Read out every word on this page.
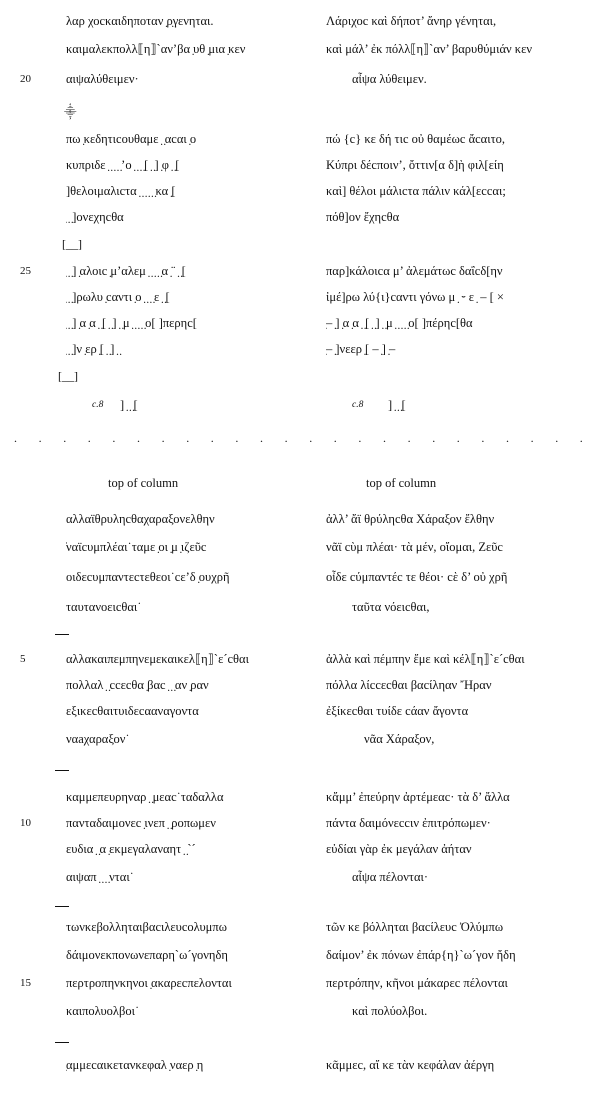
λαρ χοcκαιδηποταν ̣ρ̣γενηται.	Λάριχοc καὶ δήποτ’ ἄνηρ γένηται,
καιμαλεκπολλ⟦η⟧`αν’βα ̣υθ ̣μια ̣κεν	καὶ μάλ’ ἐκ πόλλ⟦η⟧`αν’ βαρυθύμιάν κεν
20	αιψαλύθειμεν·	αἶψα λύθειμεν.
⸎
πω ̣κεδητιcουθαμε ̣ ̣αcαι ̣ο	πώ {c} κε δή τιc οὐ θαμέωc ἄcαιτο,
κυπριδε ̣ ̣ ̣ ̣ ̣’ο ̣ ̣ ̣ ̣[ ̣ ̣] ̣φ ̣ ̣[	Κύπρι δέcποιν’, ὄττιν[α δ]ὴ φιλ[είη
]θελοιμαλιcτα ̣ ̣ ̣ ̣ ̣ ̣κα ̣[	καὶ] θέλοι μάλιcτα πάλιν κάλ[εccαι;
̣ ̣ ̣]ονεχηcθα	πόθ]ον ἔχηcθα
[__]
25	̣ ̣ ̣] ̣αλοιc ̣μ’αλεμ ̣ ̣ ̣ ̣ ̣α ̣¨ ̣ ̣[	παρ]κάλοιcα μ’ ἀλεμάτωc δαΐcδ[ην
̣ ̣ ̣]ρωλυ ̣cαντι ̣ο ̣ ̣ ̣ ̣ε ̣ ̣[	ἰμέ]ρω λύ{ι}cαντι γόνω μ ̣ ⏑ ε ̣ – [ ×
̣ ̣ ̣] ̣α ̣α ̣ ̣[ ̣ ̣] ̣ ̣μ ̣ ̣ ̣ ̣ ̣ο[ ]περηc[	̣– ̣] ̣α ̣α ̣ ̣[ ̣ ̣] ̣ ̣μ ̣ ̣ ̣ ̣ ̣ο[ ]πέρηc[θα
̣ ̣ ̣]ν ̣ερ ̣[ ̣ ̣] ̣ ̣	̣– ̣]νεερ ̣[ – ̣] ̣–
[__]
c.8 ] ̣ ̣ ̣[	c.8 ] ̣ ̣ ̣[
. . . . . . . . . . . . . . . . . . . . . . . .
top of column	top of column
αλλαϊθρυληcθαχαραξονελθην	ἀλλ’ ἄϊ θρύληcθα Χάραξον ἔλθην
̓ναϊcυμπλέαι˙ταμε ̣οι ̣μ ̣ιζεῦc	νᾶϊ cὺμ πλέαι· τὰ μέν, οἴομαι, Ζεῦc
οιδεcυμπαντεcτεθεοι˙cε’δ ̣ουχρῆ	οἶδε cύμπαντέc τε θέοι· cὲ δ’ οὐ χρῆ
ταυτανοειcθαι˙	ταῦτα νόειcθαι,
5	αλλακαιπεμπηνεμεκαικελ⟦η⟧`ε´cθαι	ἀλλὰ καὶ πέμπην ἔμε καὶ κέλ⟦η⟧`ε´cθαι
πολλαλ ̣ ̣ccεcθα ̣βαc ̣ ̣ ̣αν ̣ραν	πόλλα λίccεcθαι βαcίληαν Ἤραν
εξικεcθαιτυιδεcααναγοντα	ἐξίκεcθαι τυίδε cάαν ἄγοντα
ναaχαραξον˙	νᾶα Χάραξον,
καμμεπευρηναρ ̣ ̣μεαc˙ταδαλλα	κἄμμ’ ἐπεύρην ἀρτέμεαc· τὰ δ’ ἄλλα
10	πανταδαιμονεc ̣ινεπ ̣ ̣ροπωμεν	πάντα δαιμόνεccιν ἐπιτρόπωμεν·
ευδια ̣ ̣α ̣εκμεγαλαναητ ̣ ̣`ˊ	εὐδίαι γὰρ ἐκ μεγάλαν ἀήταν
αιψαπ ̣ ̣ ̣ ̣νται˙	αἶψα πέλονται·
τωνκεβολληταιβαcιλευcολυμπω	τῶν κε βόλληται βαcίλευc Ὀλύμπω
δάιμονεκπονωνεπαρη`ω´γονηδη	δαίμον’ ἐκ πόνων ἐπάρ{η}`ω´γον ἤδη
15	περτροπηνκηνοι ̣ακαρεcπελονται	περτρόπην, κῆνοι μάκαρεc πέλονται
καιπολυολβοι˙	καὶ πολύολβοι.
̣αμμεcαικετανκεφαλ ̣ναερ ̣η	κᾶμμεc, αἴ κε τὰν κεφάλαν ἀέργη
